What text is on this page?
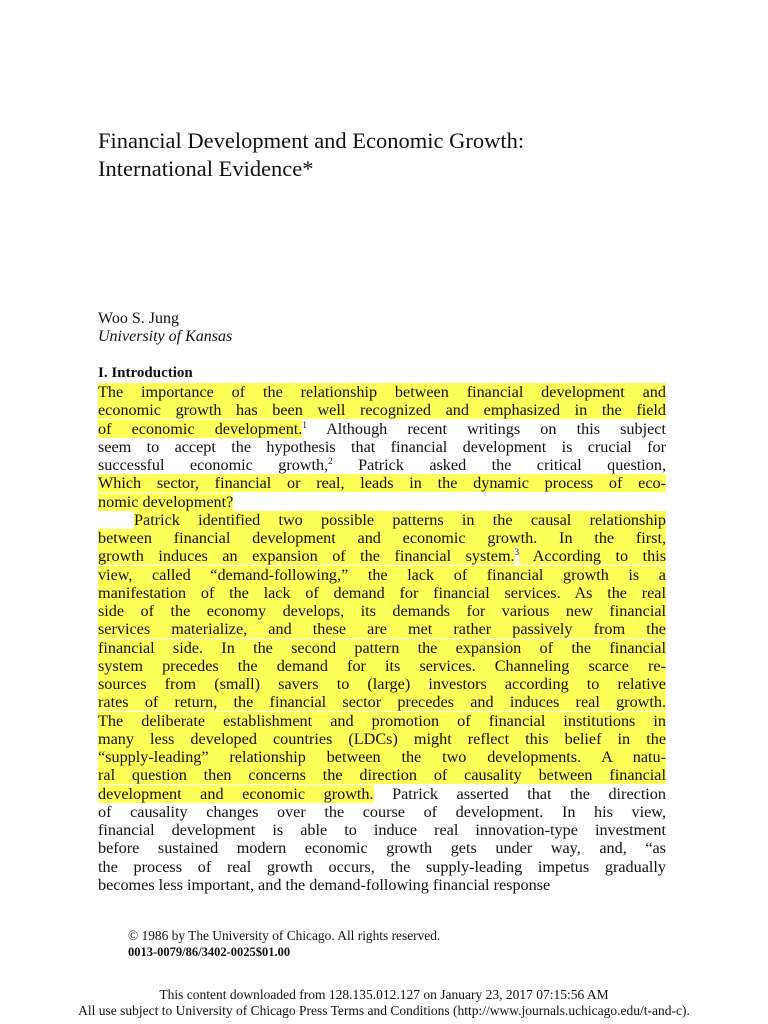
Financial Development and Economic Growth:
International Evidence*
Woo S. Jung
University of Kansas
I. Introduction
The importance of the relationship between financial development and
economic growth has been well recognized and emphasized in the field
of economic development.$^1$ Although recent writings on this subject
seem to accept the hypothesis that financial development is crucial for
successful economic growth,$^2$ Patrick asked the critical question,
Which sector, financial or real, leads in the dynamic process of eco-
nomic development?
Patrick identified two possible patterns in the causal relationship
between financial development and economic growth. In the first,
growth induces an expansion of the financial system.$^3$ According to this
view, called “demand-following,” the lack of financial growth is a
manifestation of the lack of demand for financial services. As the real
side of the economy develops, its demands for various new financial
services materialize, and these are met rather passively from the
financial side. In the second pattern the expansion of the financial
system precedes the demand for its services. Channeling scarce re-
sources from (small) savers to (large) investors according to relative
rates of return, the financial sector precedes and induces real growth.
The deliberate establishment and promotion of financial institutions in
many less developed countries (LDCs) might reflect this belief in the
“supply-leading” relationship between the two developments. A natu-
ral question then concerns the direction of causality between financial
development and economic growth. Patrick asserted that the direction
of causality changes over the course of development. In his view,
financial development is able to induce real innovation-type investment
before sustained modern economic growth gets under way, and, “as
the process of real growth occurs, the supply-leading impetus gradually
becomes less important, and the demand-following financial response
© 1986 by The University of Chicago. All rights reserved.
0013-0079/86/3402-0025$01.00
This content downloaded from 128.135.012.127 on January 23, 2017 07:15:56 AM
All use subject to University of Chicago Press Terms and Conditions (http://www.journals.uchicago.edu/t-and-c).
